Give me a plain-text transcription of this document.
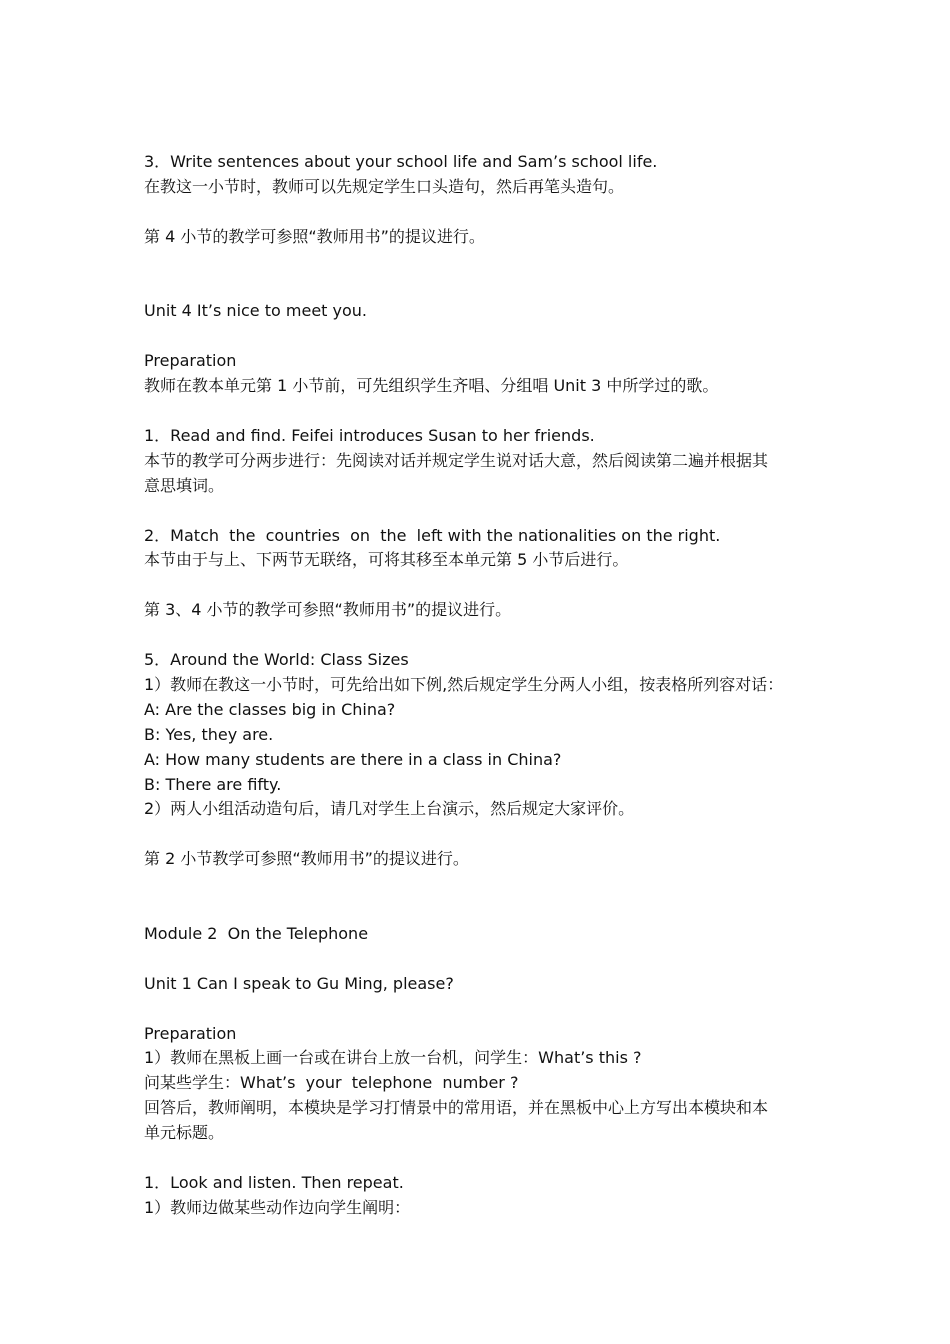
3．Write sentences about your school life and Sam’s school life.

在教这一小节时，教师可以先规定学生口头造句，然后再笔头造句。

第 4 小节的教学可参照“教师用书”的提议进行。

Unit 4 It’s nice to meet you.

Preparation

教师在教本单元第 1 小节前，可先组织学生齐唱、分组唱 Unit 3 中所学过的歌。

1．Read and find. Feifei introduces Susan to her friends.

本节的教学可分两步进行：先阅读对话并规定学生说对话大意，然后阅读第二遍并根据其

意思填词。

2．Match  the  countries  on  the  left with the nationalities on the right.

本节由于与上、下两节无联络，可将其移至本单元第 5 小节后进行。

第 3、4 小节的教学可参照“教师用书”的提议进行。

5．Around the World: Class Sizes

1）教师在教这一小节时，可先给出如下例,然后规定学生分两人小组，按表格所列容对话：

A: Are the classes big in China?

B: Yes, they are.

A: How many students are there in a class in China?

B: There are fifty.

2）两人小组活动造句后，请几对学生上台演示，然后规定大家评价。

第 2 小节教学可参照“教师用书”的提议进行。

Module 2  On the Telephone

Unit 1 Can I speak to Gu Ming, please?

Preparation

1）教师在黑板上画一台或在讲台上放一台机，问学生：What’s this ?

问某些学生：What’s  your  telephone  number ?

回答后，教师阐明，本模块是学习打情景中的常用语，并在黑板中心上方写出本模块和本

单元标题。

1．Look and listen. Then repeat.

1）教师边做某些动作边向学生阐明：
